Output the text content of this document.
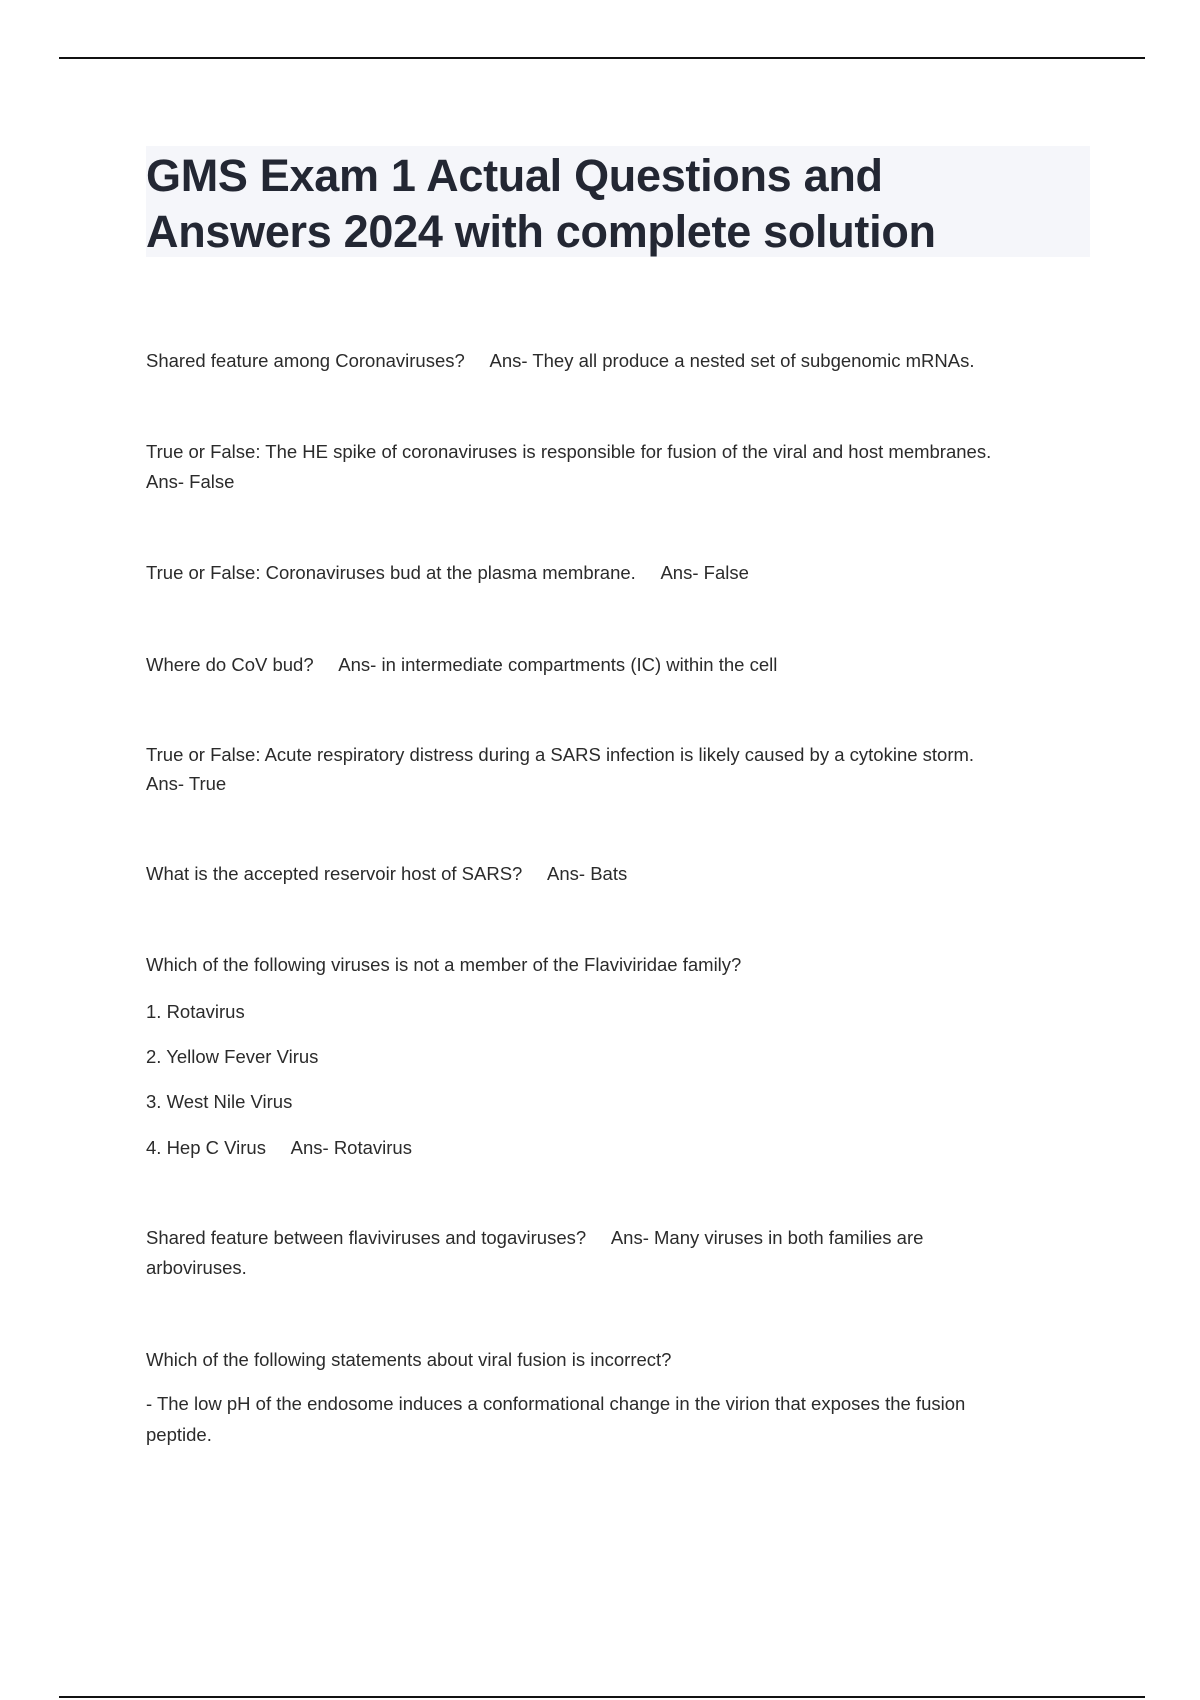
GMS Exam 1 Actual Questions and
Answers 2024 with complete solution
Shared feature among Coronaviruses?     Ans- They all produce a nested set of subgenomic mRNAs.
True or False: The HE spike of coronaviruses is responsible for fusion of the viral and host membranes.
Ans- False
True or False: Coronaviruses bud at the plasma membrane.     Ans- False
Where do CoV bud?     Ans- in intermediate compartments (IC) within the cell
True or False: Acute respiratory distress during a SARS infection is likely caused by a cytokine storm.
Ans- True
What is the accepted reservoir host of SARS?     Ans- Bats
Which of the following viruses is not a member of the Flaviviridae family?
1. Rotavirus
2. Yellow Fever Virus
3. West Nile Virus
4. Hep C Virus     Ans- Rotavirus
Shared feature between flaviviruses and togaviruses?     Ans- Many viruses in both families are
arboviruses.
Which of the following statements about viral fusion is incorrect?
- The low pH of the endosome induces a conformational change in the virion that exposes the fusion
peptide.
